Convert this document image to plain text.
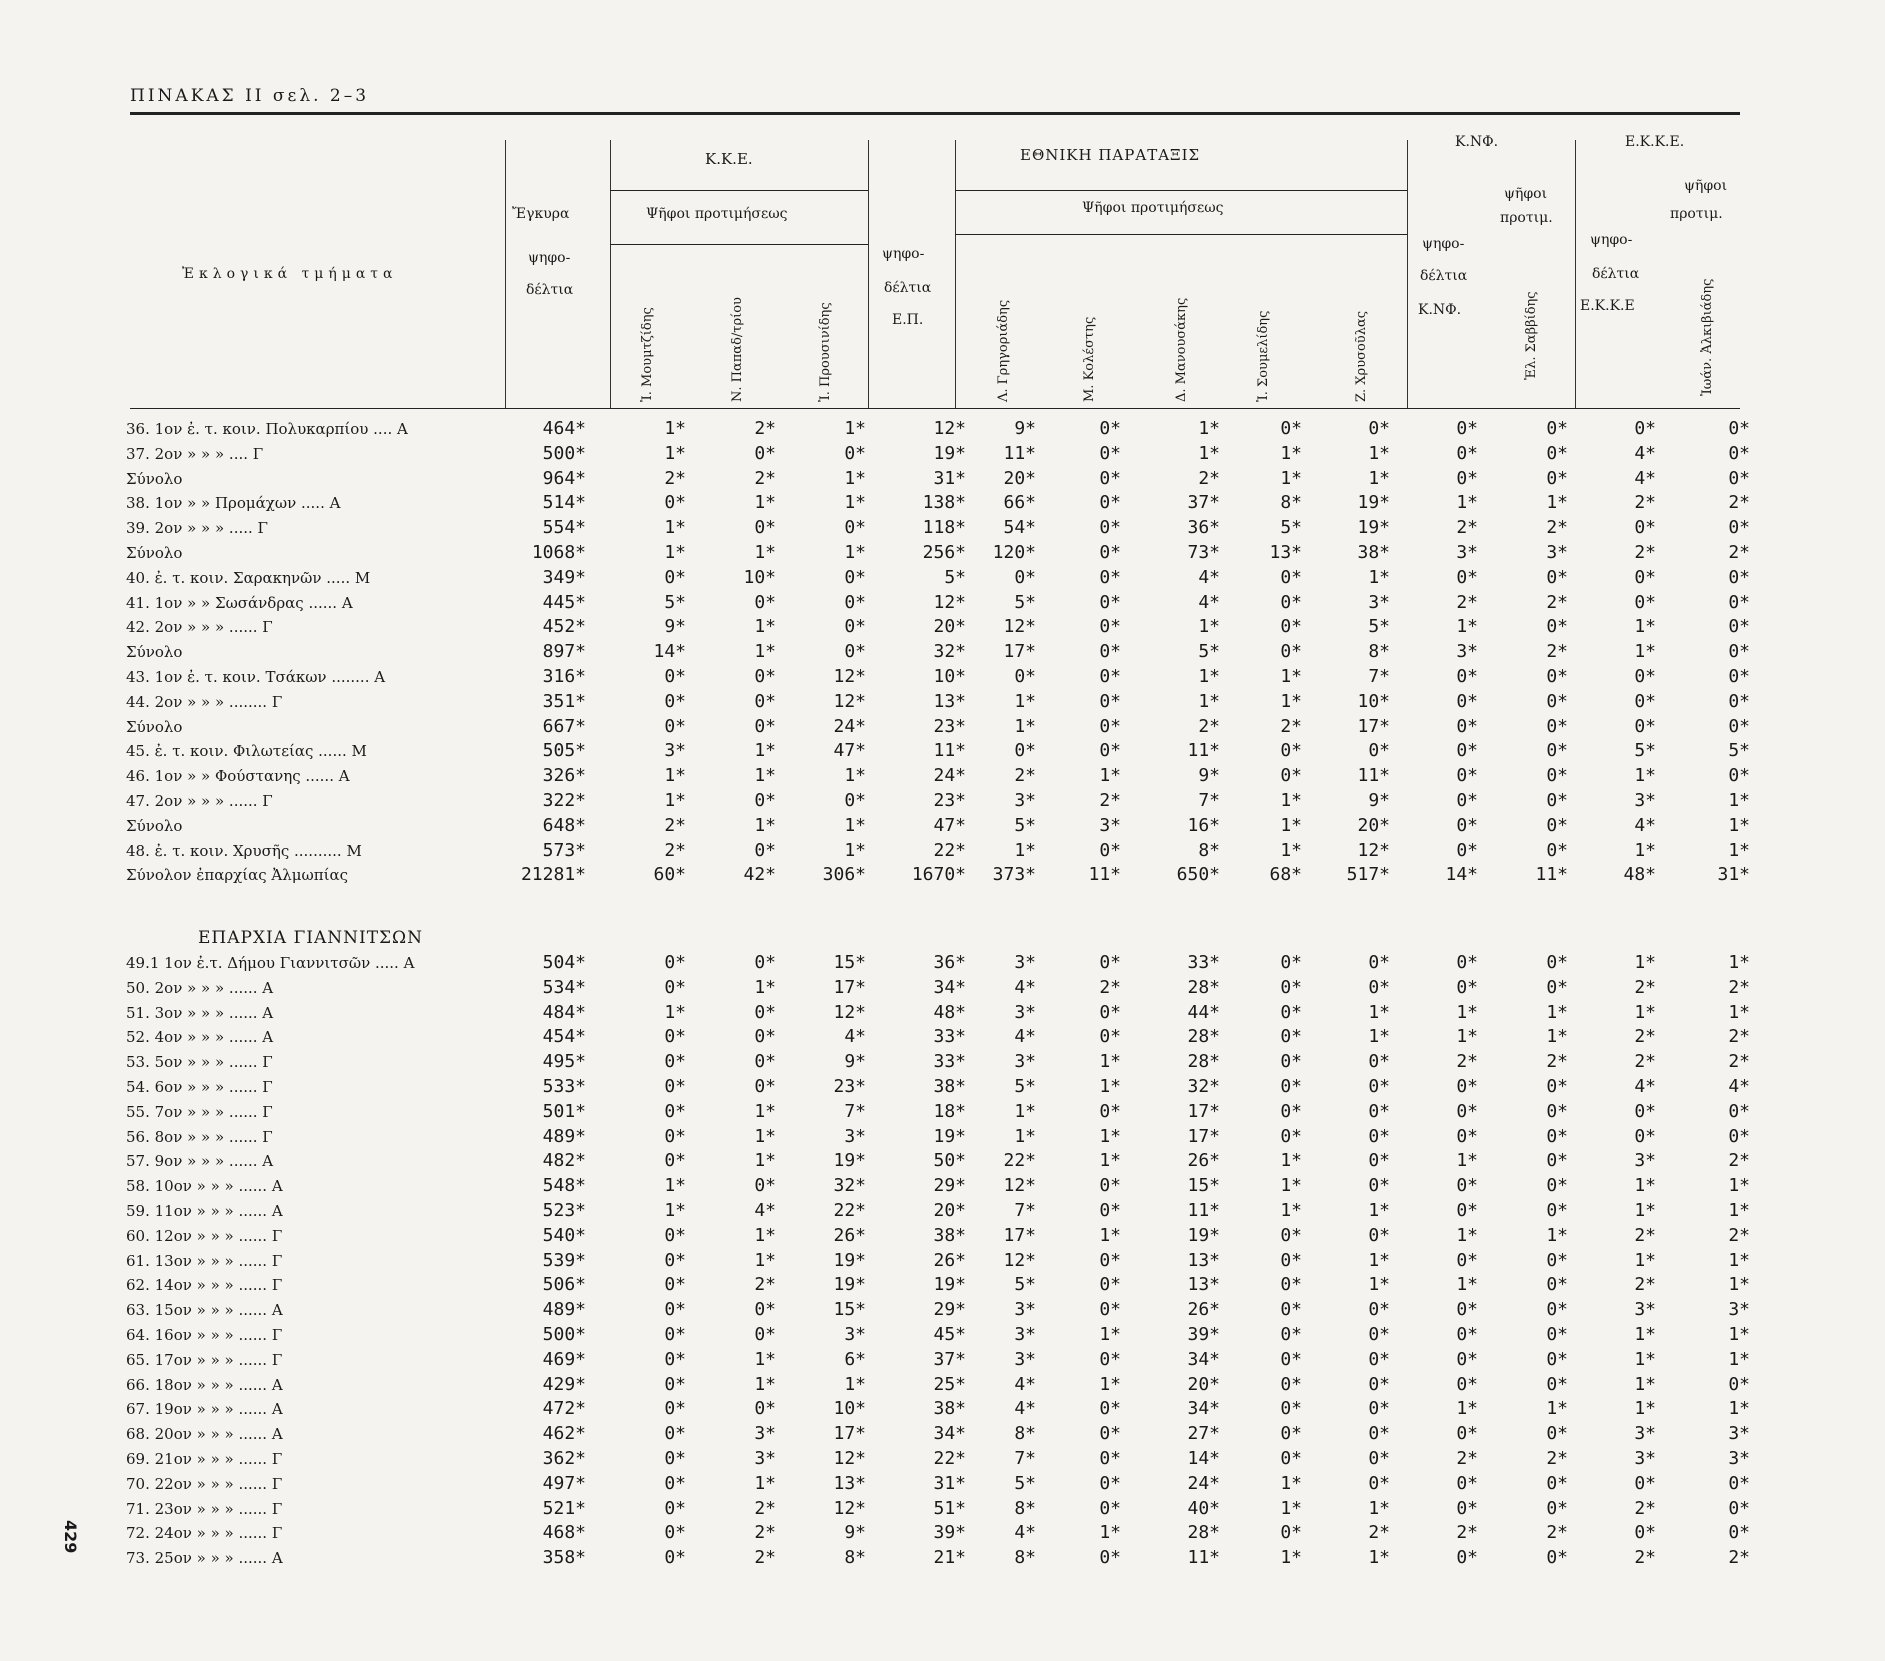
ΠΙΝΑΚΑΣ II σελ. 2–3
429
Ἐκλογικά τμήματα
Ἔγκυρα
ψηφο-
δέλτια
Κ.Κ.Ε.
Ψῆφοι προτιμήσεως
Ἰ. Μουμτζίδης	Ν. Παπαδ/τρίου	Ἰ. Προυσινίδης
ψηφο-
δέλτια
Ε.Π.
ΕΘΝΙΚΗ ΠΑΡΑΤΑΞΙΣ
Ψῆφοι προτιμήσεως
Λ. Γρηγοριάδης	Μ. Κολέστης	Δ. Μανουσάκης	Ἰ. Σουμελίδης	Ζ. Χρυσοῦλας
Κ.ΝΦ.
ψηφο-
δέλτια
Κ.ΝΦ.
ψῆφοι
προτιμ.
Ἐλ. Σαββίδης
Ε.Κ.Κ.Ε.
ψηφο-
δέλτια
Ε.Κ.Κ.Ε
ψῆφοι
προτιμ.
Ἰωάν. Ἀλκιβιάδης
36. 1ον ἐ. τ. κοιν. Πολυκαρπίου .... Α	464*	1*	2*	1*	12*	9*	0*	1*	0*	0*	0*	0*	0*	0*
37. 2ον » » » .... Γ	500*	1*	0*	0*	19*	11*	0*	1*	1*	1*	0*	0*	4*	0*
Σύνολο	964*	2*	2*	1*	31*	20*	0*	2*	1*	1*	0*	0*	4*	0*
38. 1ον » » Προμάχων ..... Α	514*	0*	1*	1*	138*	66*	0*	37*	8*	19*	1*	1*	2*	2*
39. 2ον » » » ..... Γ	554*	1*	0*	0*	118*	54*	0*	36*	5*	19*	2*	2*	0*	0*
Σύνολο	1068*	1*	1*	1*	256*	120*	0*	73*	13*	38*	3*	3*	2*	2*
40. ἐ. τ. κοιν. Σαρακηνῶν ..... Μ	349*	0*	10*	0*	5*	0*	0*	4*	0*	1*	0*	0*	0*	0*
41. 1ον » » Σωσάνδρας ...... Α	445*	5*	0*	0*	12*	5*	0*	4*	0*	3*	2*	2*	0*	0*
42. 2ον » » » ...... Γ	452*	9*	1*	0*	20*	12*	0*	1*	0*	5*	1*	0*	1*	0*
Σύνολο	897*	14*	1*	0*	32*	17*	0*	5*	0*	8*	3*	2*	1*	0*
43. 1ον ἐ. τ. κοιν. Τσάκων ........ Α	316*	0*	0*	12*	10*	0*	0*	1*	1*	7*	0*	0*	0*	0*
44. 2ον » » » ........ Γ	351*	0*	0*	12*	13*	1*	0*	1*	1*	10*	0*	0*	0*	0*
Σύνολο	667*	0*	0*	24*	23*	1*	0*	2*	2*	17*	0*	0*	0*	0*
45. ἐ. τ. κοιν. Φιλωτείας ...... Μ	505*	3*	1*	47*	11*	0*	0*	11*	0*	0*	0*	0*	5*	5*
46. 1ον » » Φούστανης ...... Α	326*	1*	1*	1*	24*	2*	1*	9*	0*	11*	0*	0*	1*	0*
47. 2ον » » » ...... Γ	322*	1*	0*	0*	23*	3*	2*	7*	1*	9*	0*	0*	3*	1*
Σύνολο	648*	2*	1*	1*	47*	5*	3*	16*	1*	20*	0*	0*	4*	1*
48. ἐ. τ. κοιν. Χρυσῆς .......... Μ	573*	2*	0*	1*	22*	1*	0*	8*	1*	12*	0*	0*	1*	1*
Σύνολον ἐπαρχίας Ἀλμωπίας	21281*	60*	42*	306*	1670*	373*	11*	650*	68*	517*	14*	11*	48*	31*
ΕΠΑΡΧΙΑ ΓΙΑΝΝΙΤΣΩΝ
49.1 1ον ἐ.τ. Δήμου Γιαννιτσῶν ..... Α	504*	0*	0*	15*	36*	3*	0*	33*	0*	0*	0*	0*	1*	1*
50. 2ον » » » ...... Α	534*	0*	1*	17*	34*	4*	2*	28*	0*	0*	0*	0*	2*	2*
51. 3ον » » » ...... Α	484*	1*	0*	12*	48*	3*	0*	44*	0*	1*	1*	1*	1*	1*
52. 4ον » » » ...... Α	454*	0*	0*	4*	33*	4*	0*	28*	0*	1*	1*	1*	2*	2*
53. 5ον » » » ...... Γ	495*	0*	0*	9*	33*	3*	1*	28*	0*	0*	2*	2*	2*	2*
54. 6ον » » » ...... Γ	533*	0*	0*	23*	38*	5*	1*	32*	0*	0*	0*	0*	4*	4*
55. 7ον » » » ...... Γ	501*	0*	1*	7*	18*	1*	0*	17*	0*	0*	0*	0*	0*	0*
56. 8ον » » » ...... Γ	489*	0*	1*	3*	19*	1*	1*	17*	0*	0*	0*	0*	0*	0*
57. 9ον » » » ...... Α	482*	0*	1*	19*	50*	22*	1*	26*	1*	0*	1*	0*	3*	2*
58. 10ον » » » ...... Α	548*	1*	0*	32*	29*	12*	0*	15*	1*	0*	0*	0*	1*	1*
59. 11ον » » » ...... Α	523*	1*	4*	22*	20*	7*	0*	11*	1*	1*	0*	0*	1*	1*
60. 12ον » » » ...... Γ	540*	0*	1*	26*	38*	17*	1*	19*	0*	0*	1*	1*	2*	2*
61. 13ον » » » ...... Γ	539*	0*	1*	19*	26*	12*	0*	13*	0*	1*	0*	0*	1*	1*
62. 14ον » » » ...... Γ	506*	0*	2*	19*	19*	5*	0*	13*	0*	1*	1*	0*	2*	1*
63. 15ον » » » ...... Α	489*	0*	0*	15*	29*	3*	0*	26*	0*	0*	0*	0*	3*	3*
64. 16ον » » » ...... Γ	500*	0*	0*	3*	45*	3*	1*	39*	0*	0*	0*	0*	1*	1*
65. 17ον » » » ...... Γ	469*	0*	1*	6*	37*	3*	0*	34*	0*	0*	0*	0*	1*	1*
66. 18ον » » » ...... Α	429*	0*	1*	1*	25*	4*	1*	20*	0*	0*	0*	0*	1*	0*
67. 19ον » » » ...... Α	472*	0*	0*	10*	38*	4*	0*	34*	0*	0*	1*	1*	1*	1*
68. 20ον » » » ...... Α	462*	0*	3*	17*	34*	8*	0*	27*	0*	0*	0*	0*	3*	3*
69. 21ον » » » ...... Γ	362*	0*	3*	12*	22*	7*	0*	14*	0*	0*	2*	2*	3*	3*
70. 22ον » » » ...... Γ	497*	0*	1*	13*	31*	5*	0*	24*	1*	0*	0*	0*	0*	0*
71. 23ον » » » ...... Γ	521*	0*	2*	12*	51*	8*	0*	40*	1*	1*	0*	0*	2*	0*
72. 24ον » » » ...... Γ	468*	0*	2*	9*	39*	4*	1*	28*	0*	2*	2*	2*	0*	0*
73. 25ον » » » ...... Α	358*	0*	2*	8*	21*	8*	0*	11*	1*	1*	0*	0*	2*	2*
